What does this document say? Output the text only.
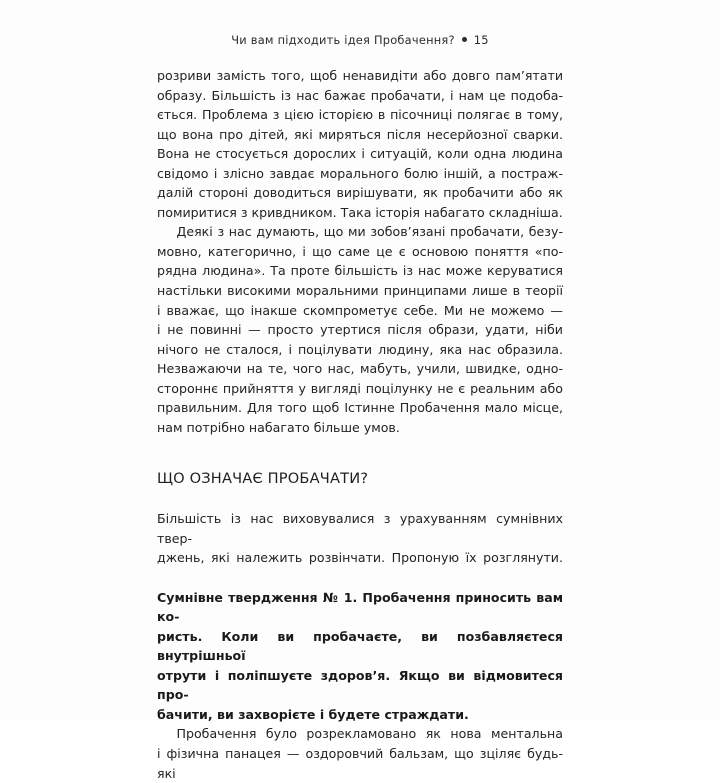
Чи вам підходить ідея Пробачення? 15

розриви замість того, щоб ненавидіти або довго пам’ятати
образу. Більшість із нас бажає пробачати, і нам це подоба-
ється. Проблема з цією історією в пісочниці полягає в тому,
що вона про дітей, які миряться після несерйозної сварки.
Вона не стосується дорослих і ситуацій, коли одна людина
свідомо і злісно завдає морального болю іншій, а постраж-
далій стороні доводиться вирішувати, як пробачити або як
помиритися з кривдником. Така історія набагато складніша.

Деякі з нас думають, що ми зобов’язані пробачати, безу-
мовно, категорично, і що саме це є основою поняття «по-
рядна людина». Та проте більшість із нас може керуватися
настільки високими моральними принципами лише в теорії
і вважає, що інакше скомпрометує себе. Ми не можемо —
і не повинні — просто утертися після образи, удати, ніби
нічого не сталося, і поцілувати людину, яка нас образила.
Незважаючи на те, чого нас, мабуть, учили, швидке, одно-
стороннє прийняття у вигляді поцілунку не є реальним або
правильним. Для того щоб Істинне Пробачення мало місце,
нам потрібно набагато більше умов.

ЩО ОЗНАЧАЄ ПРОБАЧАТИ?

Більшість із нас виховувалися з урахуванням сумнівних твер-
джень, які належить розвінчати. Пропоную їх розглянути.

Сумнівне твердження № 1. Пробачення приносить вам ко-
ристь. Коли ви пробачаєте, ви позбавляєтеся внутрішньої
отрути і поліпшуєте здоров’я. Якщо ви відмовитеся про-
бачити, ви захворієте і будете страждати.

Пробачення було розрекламовано як нова ментальна
і фізична панацея — оздоровчий бальзам, що зціляє будь-які
